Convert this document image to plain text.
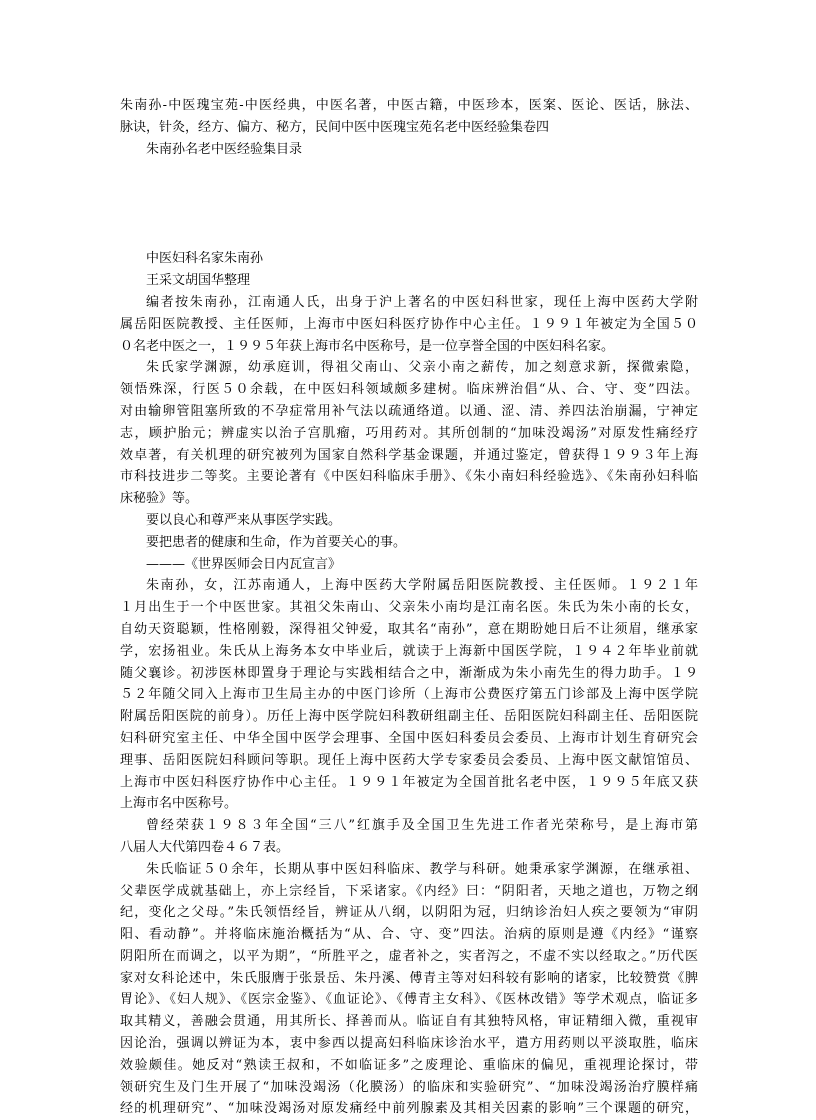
朱南孙-中医瑰宝苑-中医经典，中医名著，中医古籍，中医珍本，医案、医论、医话，脉法、

脉诀，针灸，经方、偏方、秘方，民间中医中医瑰宝苑名老中医经验集卷四

朱南孙名老中医经验集目录

中医妇科名家朱南孙

王采文胡国华整理

编者按朱南孙，江南通人氏，出身于沪上著名的中医妇科世家，现任上海中医药大学附

属岳阳医院教授、主任医师，上海市中医妇科医疗协作中心主任。１９９１年被定为全国５０

０名老中医之一，１９９５年获上海市名中医称号，是一位享誉全国的中医妇科名家。

朱氏家学渊源，幼承庭训，得祖父南山、父亲小南之薪传，加之刻意求新，探微索隐，

领悟殊深，行医５０余载，在中医妇科领域颇多建树。临床辨治倡“从、合、守、变”四法。

对由输卵管阻塞所致的不孕症常用补气法以疏通络道。以通、涩、清、养四法治崩漏，宁神定

志，顾护胎元；辨虚实以治子宫肌瘤，巧用药对。其所创制的“加味没竭汤”对原发性痛经疗

效卓著，有关机理的研究被列为国家自然科学基金课题，并通过鉴定，曾获得１９９３年上海

市科技进步二等奖。主要论著有《中医妇科临床手册》、《朱小南妇科经验选》、《朱南孙妇科临

床秘验》等。

要以良心和尊严来从事医学实践。

要把患者的健康和生命，作为首要关心的事。

———《世界医师会日内瓦宣言》

朱南孙，女，江苏南通人，上海中医药大学附属岳阳医院教授、主任医师。１９２１年

１月出生于一个中医世家。其祖父朱南山、父亲朱小南均是江南名医。朱氏为朱小南的长女，

自幼天资聪颖，性格刚毅，深得祖父钟爱，取其名“南孙”，意在期盼她日后不让须眉，继承家

学，宏扬祖业。朱氏从上海务本女中毕业后，就读于上海新中国医学院，１９４２年毕业前就

随父襄诊。初涉医林即置身于理论与实践相结合之中，渐渐成为朱小南先生的得力助手。１９

５２年随父同入上海市卫生局主办的中医门诊所（上海市公费医疗第五门诊部及上海中医学院

附属岳阳医院的前身）。历任上海中医学院妇科教研组副主任、岳阳医院妇科副主任、岳阳医院

妇科研究室主任、中华全国中医学会理事、全国中医妇科委员会委员、上海市计划生育研究会

理事、岳阳医院妇科顾问等职。现任上海中医药大学专家委员会委员、上海中医文献馆馆员、

上海市中医妇科医疗协作中心主任。１９９１年被定为全国首批名老中医，１９９５年底又获

上海市名中医称号。

曾经荣获１９８３年全国“三八”红旗手及全国卫生先进工作者光荣称号，是上海市第

八届人大代第四卷４６７表。

朱氏临证５０余年，长期从事中医妇科临床、教学与科研。她秉承家学渊源，在继承祖、

父辈医学成就基础上，亦上宗经旨，下采诸家。《内经》曰：“阴阳者，天地之道也，万物之纲

纪，变化之父母。”朱氏领悟经旨，辨证从八纲，以阴阳为冠，归纳诊治妇人疾之要领为“审阴

阳、看动静”。并将临床施治概括为“从、合、守、变”四法。治病的原则是遵《内经》“谨察

阴阳所在而调之，以平为期”，“所胜平之，虚者补之，实者泻之，不虚不实以经取之。”历代医

家对女科论述中，朱氏服膺于张景岳、朱丹溪、傅青主等对妇科较有影响的诸家，比较赞赏《脾

胃论》、《妇人规》、《医宗金鉴》、《血证论》、《傅青主女科》、《医林改错》等学术观点，临证多

取其精义，善融会贯通，用其所长、择善而从。临证自有其独特风格，审证精细入微，重视审

因论治，强调以辨证为本，衷中参西以提高妇科临床诊治水平，遣方用药则以平淡取胜，临床

效验颇佳。她反对“熟读王叔和，不如临证多”之废理论、重临床的偏见，重视理论探讨，带

领研究生及门生开展了“加味没竭汤（化膜汤）的临床和实验研究”、“加味没竭汤治疗膜样痛

经的机理研究”、“加味没竭汤对原发痛经中前列腺素及其相关因素的影响”三个课题的研究，
